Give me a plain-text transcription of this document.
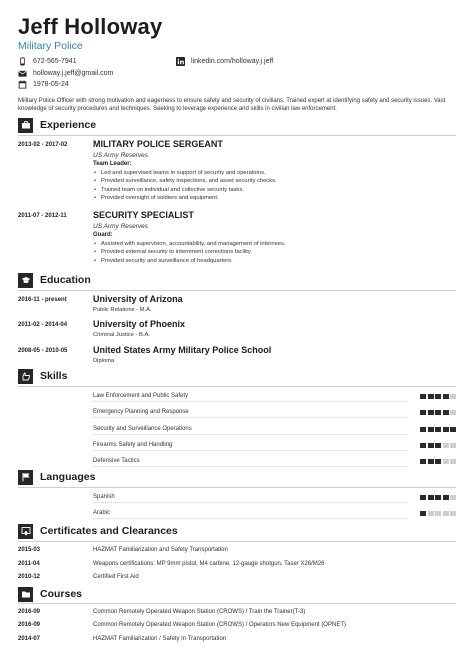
Jeff Holloway
Military Police
672-565-7941
holloway.j.jeff@gmail.com
1978-05-24
linkedin.com/holloway.j.jeff
Military Police Officer with strong motivation and eagerness to ensure safety and security of civilians. Trained expert at identifying safety and security issues. Vast knowledge of security procedures and techniques. Seeking to leverage experience and skills in civilian law enforcement.
Experience
2013-02 - 2017-02	MILITARY POLICE SERGEANT
US Army Reserves
Team Leader:
• Led and supervised teams in support of security and operations.
• Provided surveillance, safety inspections, and asset security checks.
• Trained team on individual and collective security tasks.
• Provided oversight of soldiers and equipment.
2011-07 - 2012-11	SECURITY SPECIALIST
US Army Reserves
Guard:
• Assisted with supervision, accountability, and management of internees.
• Provided external security to internment corrections facility.
• Provided security and surveillance of headquarters.
Education
2016-11 - present	University of Arizona
Public Relations - M.A.
2011-02 - 2014-04	University of Phoenix
Criminal Justice - B.A.
2008-05 - 2010-05	United States Army Military Police School
Diploma
Skills
Law Enforcement and Public Safety
Emergency Planning and Response
Security and Surveillance Operations
Firearms Safety and Handling
Defensive Tactics
Languages
Spanish
Arabic
Certificates and Clearances
2015-03	HAZMAT Familiarization and Safety Transportation
2011-04	Weapons certifications: MP 9mm pistol, M4 carbine, 12-gauge shotgun, Taser X26/M26
2010-12	Certified First Aid
Courses
2016-09	Common Remotely Operated Weapon Station (CROWS) / Train the Trainer(T-3)
2016-09	Common Remotely Operated Weapon Station (CROWS) / Operators New Equipment (OPNET)
2014-07	HAZMAT Familiarization / Safety In Transportation
